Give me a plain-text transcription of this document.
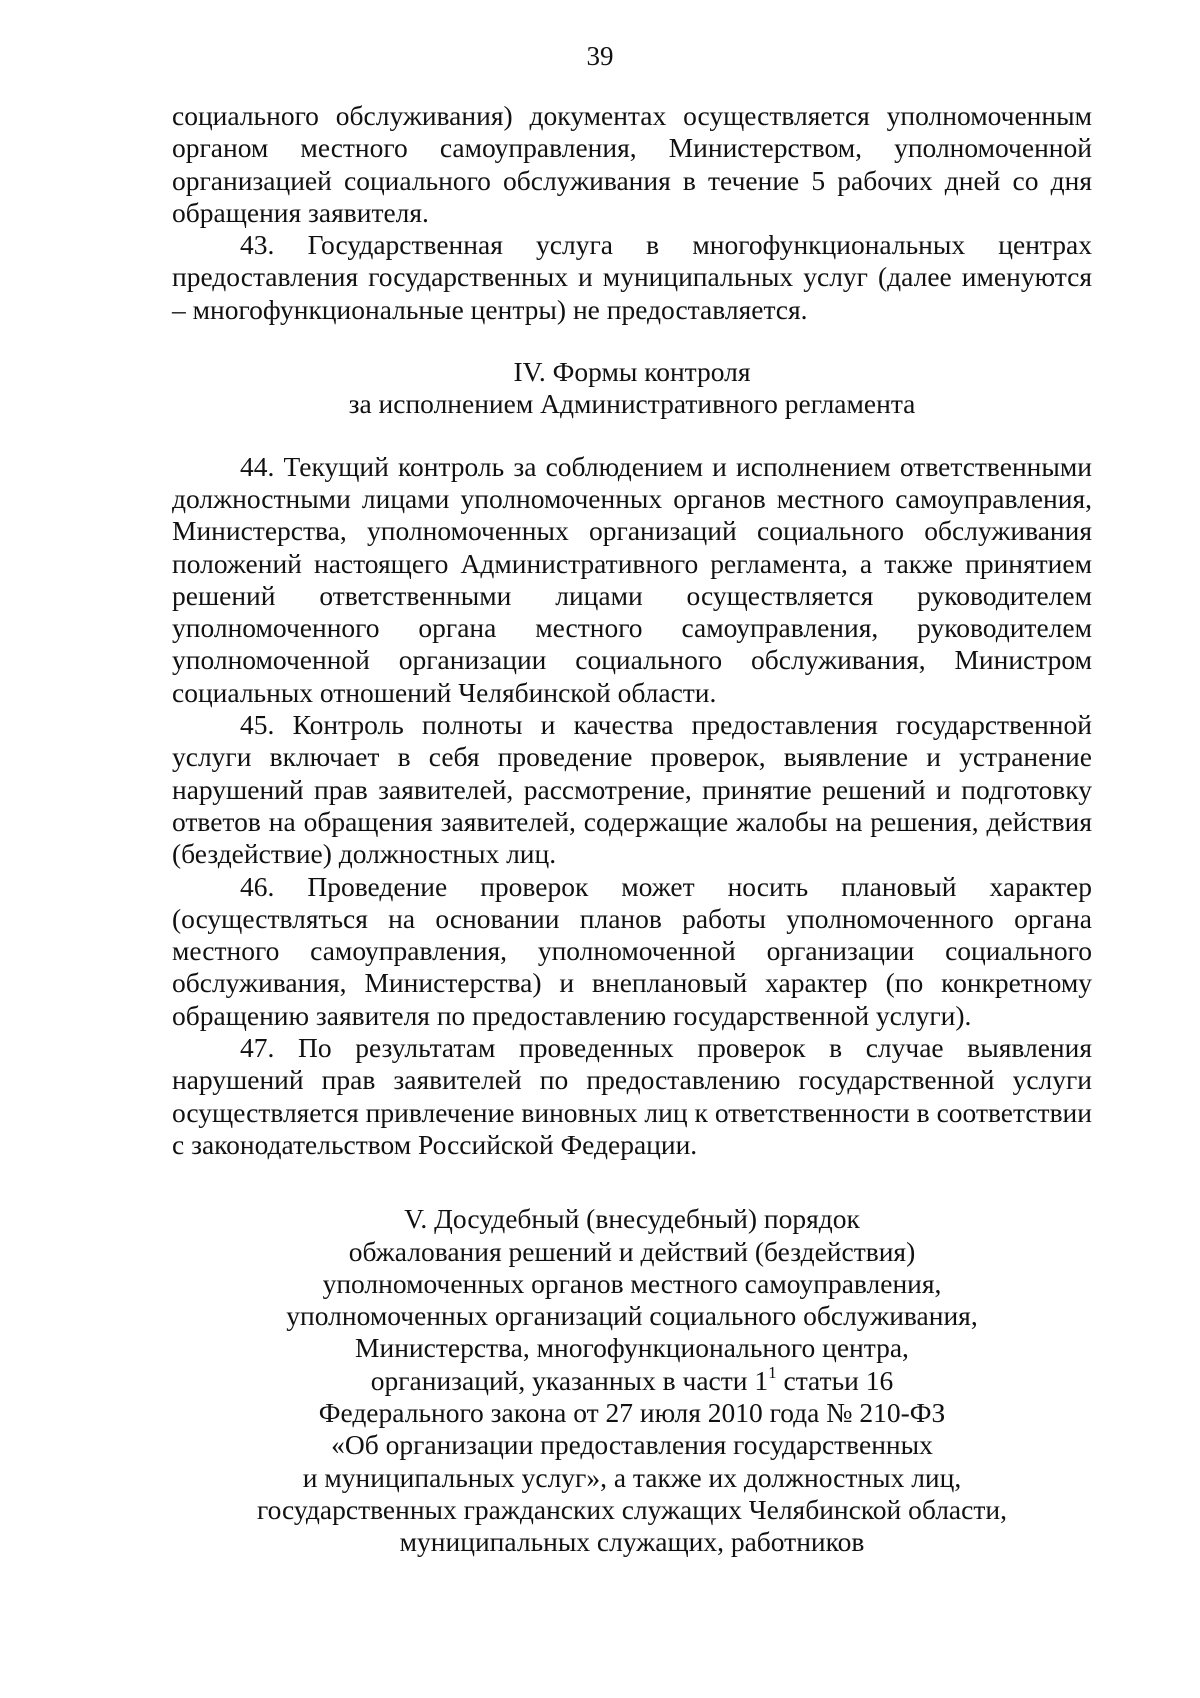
39

социального обслуживания) документах осуществляется уполномоченным органом местного самоуправления, Министерством, уполномоченной организацией социального обслуживания в течение 5 рабочих дней со дня обращения заявителя.

43. Государственная услуга в многофункциональных центрах предоставления государственных и муниципальных услуг (далее именуются – многофункциональные центры) не предоставляется.

IV. Формы контроля
за исполнением Административного регламента

44. Текущий контроль за соблюдением и исполнением ответственными должностными лицами уполномоченных органов местного самоуправления, Министерства, уполномоченных организаций социального обслуживания положений настоящего Административного регламента, а также принятием решений ответственными лицами осуществляется руководителем уполномоченного органа местного самоуправления, руководителем уполномоченной организации социального обслуживания, Министром социальных отношений Челябинской области.

45. Контроль полноты и качества предоставления государственной услуги включает в себя проведение проверок, выявление и устранение нарушений прав заявителей, рассмотрение, принятие решений и подготовку ответов на обращения заявителей, содержащие жалобы на решения, действия (бездействие) должностных лиц.

46. Проведение проверок может носить плановый характер (осуществляться на основании планов работы уполномоченного органа местного самоуправления, уполномоченной организации социального обслуживания, Министерства) и внеплановый характер (по конкретному обращению заявителя по предоставлению государственной услуги).

47. По результатам проведенных проверок в случае выявления нарушений прав заявителей по предоставлению государственной услуги осуществляется привлечение виновных лиц к ответственности в соответствии с законодательством Российской Федерации.

V. Досудебный (внесудебный) порядок
обжалования решений и действий (бездействия)
уполномоченных органов местного самоуправления,
уполномоченных организаций социального обслуживания,
Министерства, многофункционального центра,
организаций, указанных в части $1^1$ статьи 16
Федерального закона от 27 июля 2010 года № 210-ФЗ
«Об организации предоставления государственных
и муниципальных услуг», а также их должностных лиц,
государственных гражданских служащих Челябинской области,
муниципальных служащих, работников
